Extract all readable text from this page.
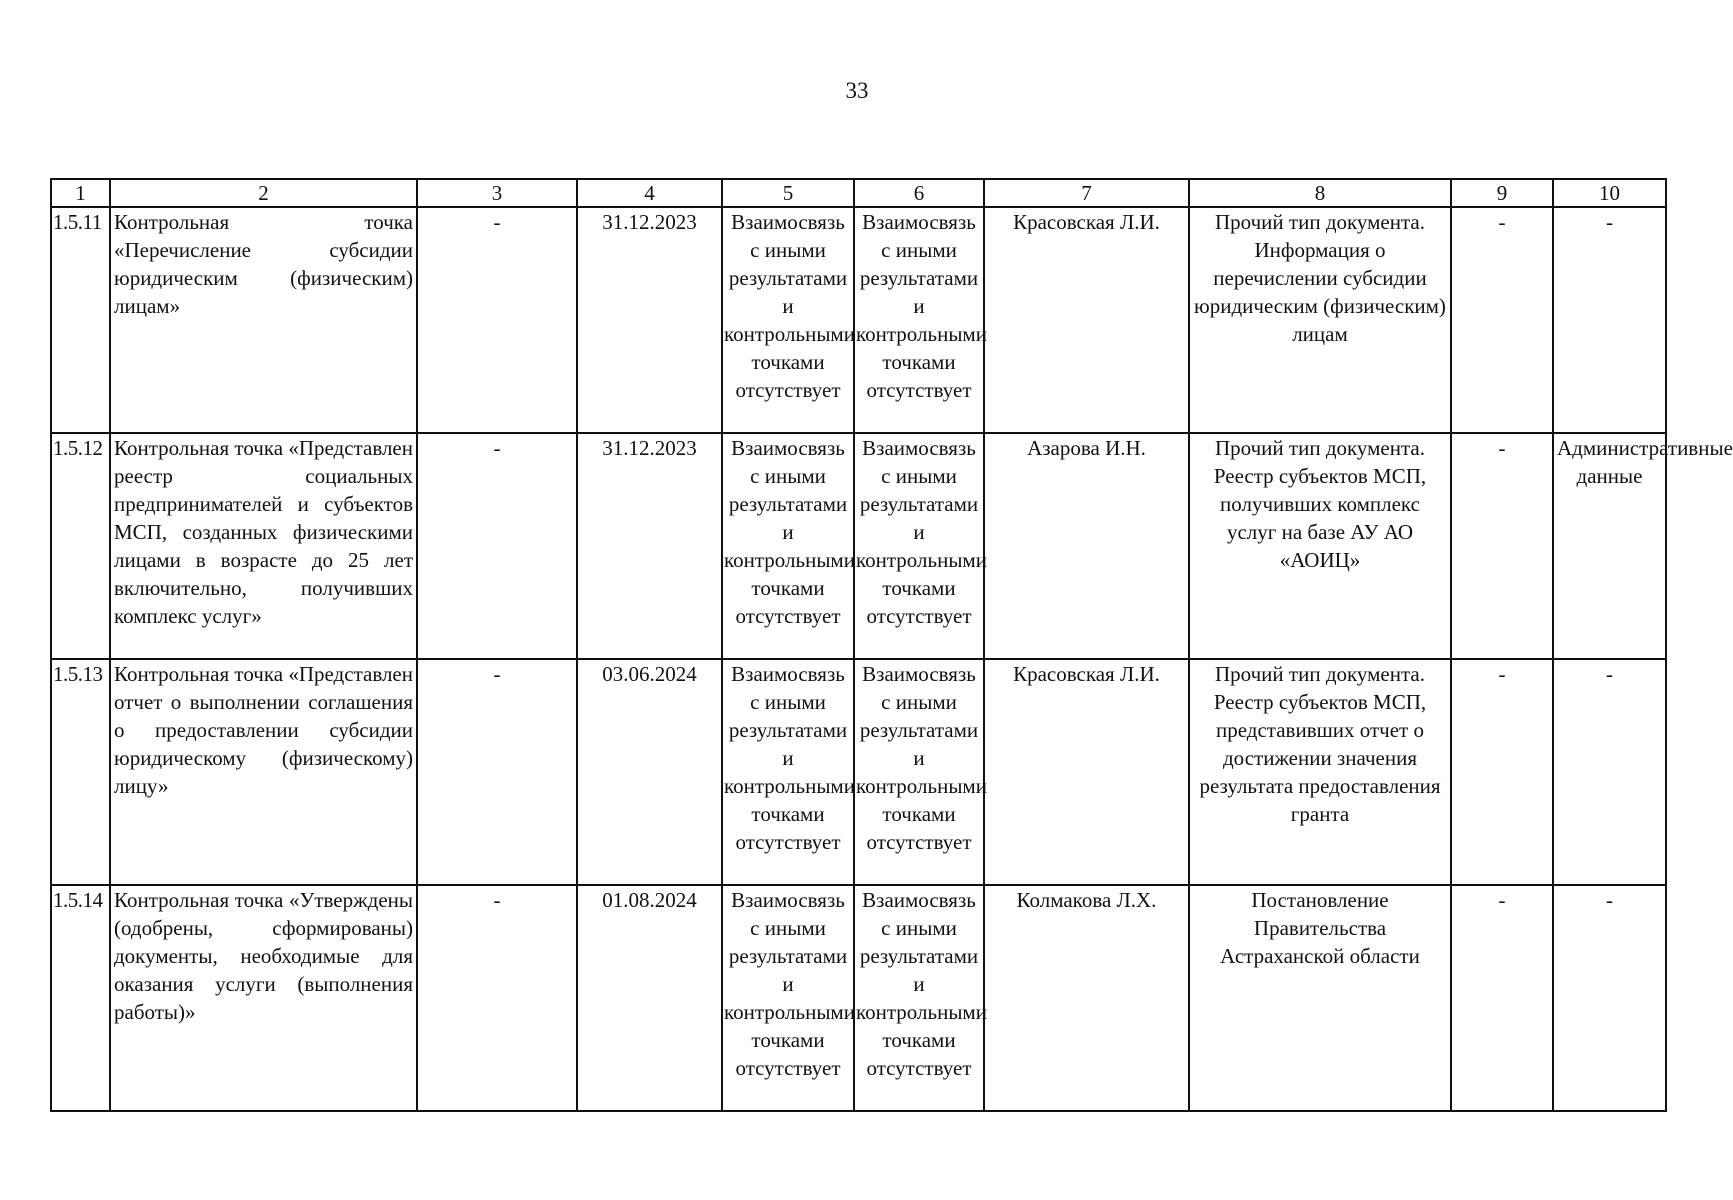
33
1	2	3	4	5	6	7	8	9	10
1.5.11	Контрольная точка «Перечисление субсидии юридическим (физическим) лицам»	-	31.12.2023	Взаимосвязь с иными результатами и контрольными точками отсутствует	Взаимосвязь с иными результатами и контрольными точками отсутствует	Красовская Л.И.	Прочий тип документа. Информация о перечислении субсидии юридическим (физическим) лицам	-	-
1.5.12	Контрольная точка «Представлен реестр социальных предпринимателей и субъектов МСП, созданных физическими лицами в возрасте до 25 лет включительно, получивших комплекс услуг»	-	31.12.2023	Взаимосвязь с иными результатами и контрольными точками отсутствует	Взаимосвязь с иными результатами и контрольными точками отсутствует	Азарова И.Н.	Прочий тип документа. Реестр субъектов МСП, получивших комплекс услуг на базе АУ АО «АОИЦ»	-	Административные данные
1.5.13	Контрольная точка «Представлен отчет о выполнении соглашения о предоставлении субсидии юридическому (физическому) лицу»	-	03.06.2024	Взаимосвязь с иными результатами и контрольными точками отсутствует	Взаимосвязь с иными результатами и контрольными точками отсутствует	Красовская Л.И.	Прочий тип документа. Реестр субъектов МСП, представивших отчет о достижении значения результата предоставления гранта	-	-
1.5.14	Контрольная точка «Утверждены (одобрены, сформированы) документы, необходимые для оказания услуги (выполнения работы)»	-	01.08.2024	Взаимосвязь с иными результатами и контрольными точками отсутствует	Взаимосвязь с иными результатами и контрольными точками отсутствует	Колмакова Л.Х.	Постановление Правительства Астраханской области	-	-
